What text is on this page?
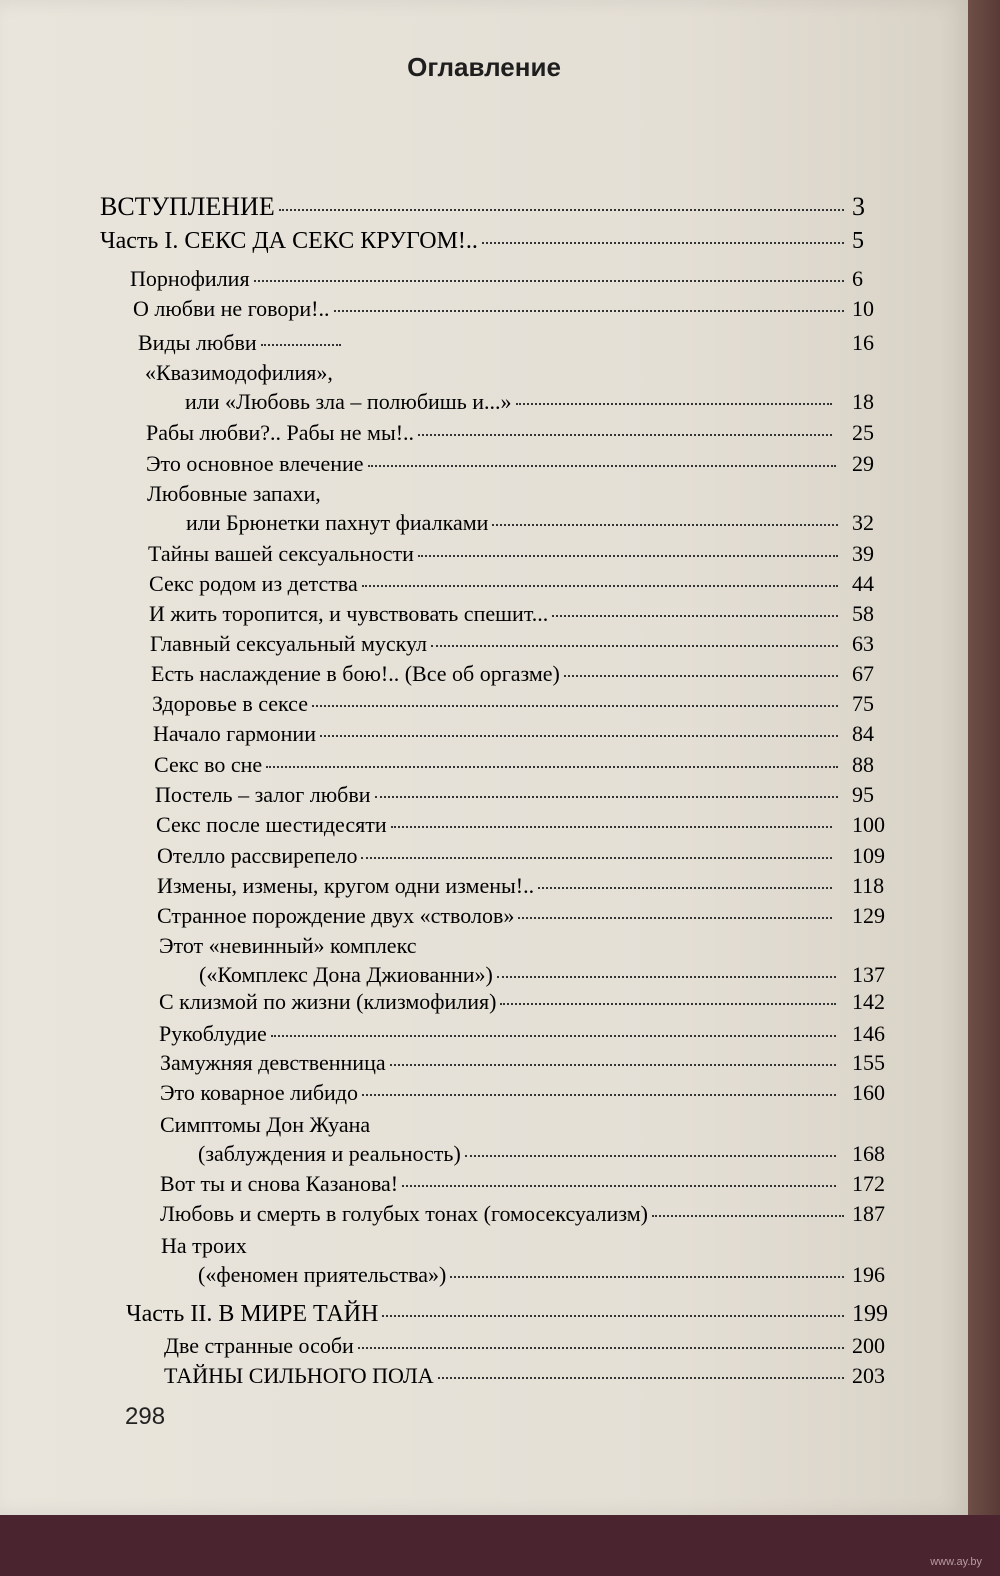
Оглавление
ВСТУПЛЕНИЕ	3
Часть I. СЕКС ДА СЕКС КРУГОМ!..	5
Порнофилия	6
О любви не говори!..	10
Виды любви	16
«Квазимодофилия»,
или «Любовь зла – полюбишь и...»	18
Рабы любви?.. Рабы не мы!..	25
Это основное влечение	29
Любовные запахи,
или Брюнетки пахнут фиалками	32
Тайны вашей сексуальности	39
Секс родом из детства	44
И жить торопится, и чувствовать спешит...	58
Главный сексуальный мускул	63
Есть наслаждение в бою!.. (Все об оргазме)	67
Здоровье в сексе	75
Начало гармонии	84
Секс во сне	88
Постель – залог любви	95
Секс после шестидесяти	100
Отелло рассвирепело	109
Измены, измены, кругом одни измены!..	118
Странное порождение двух «стволов»	129
Этот «невинный» комплекс
(«Комплекс Дона Джиованни»)	137
С клизмой по жизни (клизмофилия)	142
Рукоблудие	146
Замужняя девственница	155
Это коварное либидо	160
Симптомы Дон Жуана
(заблуждения и реальность)	168
Вот ты и снова Казанова!	172
Любовь и смерть в голубых тонах (гомосексуализм)	187
На троих
(«феномен приятельства»)	196
Часть II. В МИРЕ ТАЙН	199
Две странные особи	200
ТАЙНЫ СИЛЬНОГО ПОЛА	203
298
www.ay.by
